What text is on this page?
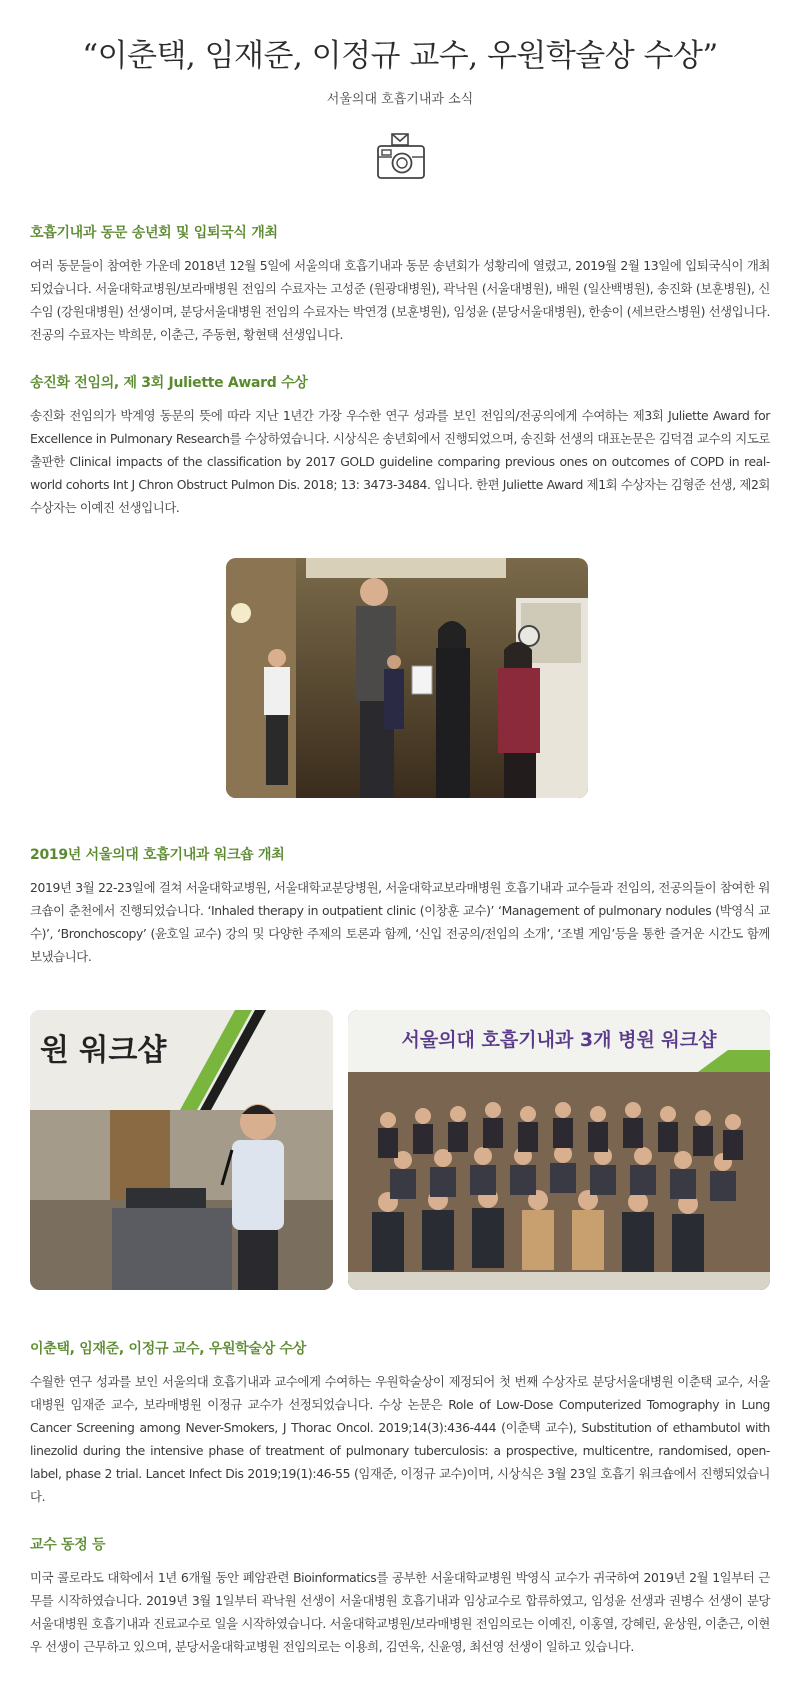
“이춘택, 임재준, 이정규 교수, 우원학술상 수상”
서울의대 호흡기내과 소식
호흡기내과 동문 송년회 및 입퇴국식 개최

여러 동문들이 참여한 가운데 2018년 12월 5일에 서울의대 호흡기내과 동문 송년회가 성황리에 열렸고, 2019월 2월 13일에 입퇴국식이 개최되었습니다. 서울대학교병원/보라매병원 전임의 수료자는 고성준 (원광대병원), 곽낙원 (서울대병원), 배원 (일산백병원), 송진화 (보훈병원), 신수임 (강원대병원) 선생이며, 분당서울대병원 전임의 수료자는 박연경 (보훈병원), 임성윤 (분당서울대병원), 한송이 (세브란스병원) 선생입니다. 전공의 수료자는 박희문, 이춘근, 주동현, 황현택 선생입니다.

송진화 전임의, 제 3회 Juliette Award 수상

송진화 전임의가 박계영 동문의 뜻에 따라 지난 1년간 가장 우수한 연구 성과를 보인 전임의/전공의에게 수여하는 제3회 Juliette Award for Excellence in Pulmonary Research를 수상하였습니다. 시상식은 송년회에서 진행되었으며, 송진화 선생의 대표논문은 김덕겸 교수의 지도로 출판한 Clinical impacts of the classification by 2017 GOLD guideline comparing previous ones on outcomes of COPD in real-world cohorts Int J Chron Obstruct Pulmon Dis. 2018; 13: 3473-3484. 입니다. 한편 Juliette Award 제1회 수상자는 김형준 선생, 제2회 수상자는 이예진 선생입니다.

2019년 서울의대 호흡기내과 워크숍 개최

2019년 3월 22-23일에 걸쳐 서울대학교병원, 서울대학교분당병원, 서울대학교보라매병원 호흡기내과 교수들과 전임의, 전공의들이 참여한 워크숍이 춘천에서 진행되었습니다. ‘Inhaled therapy in outpatient clinic (이창훈 교수)’ ‘Management of pulmonary nodules (박영식 교수)’, ‘Bronchoscopy’ (윤호일 교수) 강의 및 다양한 주제의 토론과 함께, ‘신입 전공의/전임의 소개’, ‘조별 게임’등을 통한 즐거운 시간도 함께 보냈습니다.

원 워크샵	서울의대 호흡기내과 3개 병원 워크샵
이춘택, 임재준, 이정규 교수, 우원학술상 수상

수월한 연구 성과를 보인 서울의대 호흡기내과 교수에게 수여하는 우원학술상이 제정되어 첫 번째 수상자로 분당서울대병원 이춘택 교수, 서울대병원 임재준 교수, 보라매병원 이정규 교수가 선정되었습니다. 수상 논문은 Role of Low-Dose Computerized Tomography in Lung Cancer Screening among Never-Smokers, J Thorac Oncol. 2019;14(3):436-444 (이춘택 교수), Substitution of ethambutol with linezolid during the intensive phase of treatment of pulmonary tuberculosis: a prospective, multicentre, randomised, open-label, phase 2 trial. Lancet Infect Dis 2019;19(1):46-55 (임재준, 이정규 교수)이며, 시상식은 3월 23일 호흡기 워크숍에서 진행되었습니다.

교수 동정 등

미국 콜로라도 대학에서 1년 6개월 동안 폐암관련 Bioinformatics를 공부한 서울대학교병원 박영식 교수가 귀국하여 2019년 2월 1일부터 근무를 시작하였습니다. 2019년 3월 1일부터 곽낙원 선생이 서울대병원 호흡기내과 임상교수로 합류하였고, 임성윤 선생과 권병수 선생이 분당서울대병원 호흡기내과 진료교수로 일을 시작하였습니다. 서울대학교병원/보라매병원 전임의로는 이예진, 이홍열, 강혜린, 윤상원, 이춘근, 이현우 선생이 근무하고 있으며, 분당서울대학교병원 전임의로는 이용희, 김연욱, 신윤영, 최선영 선생이 일하고 있습니다.
